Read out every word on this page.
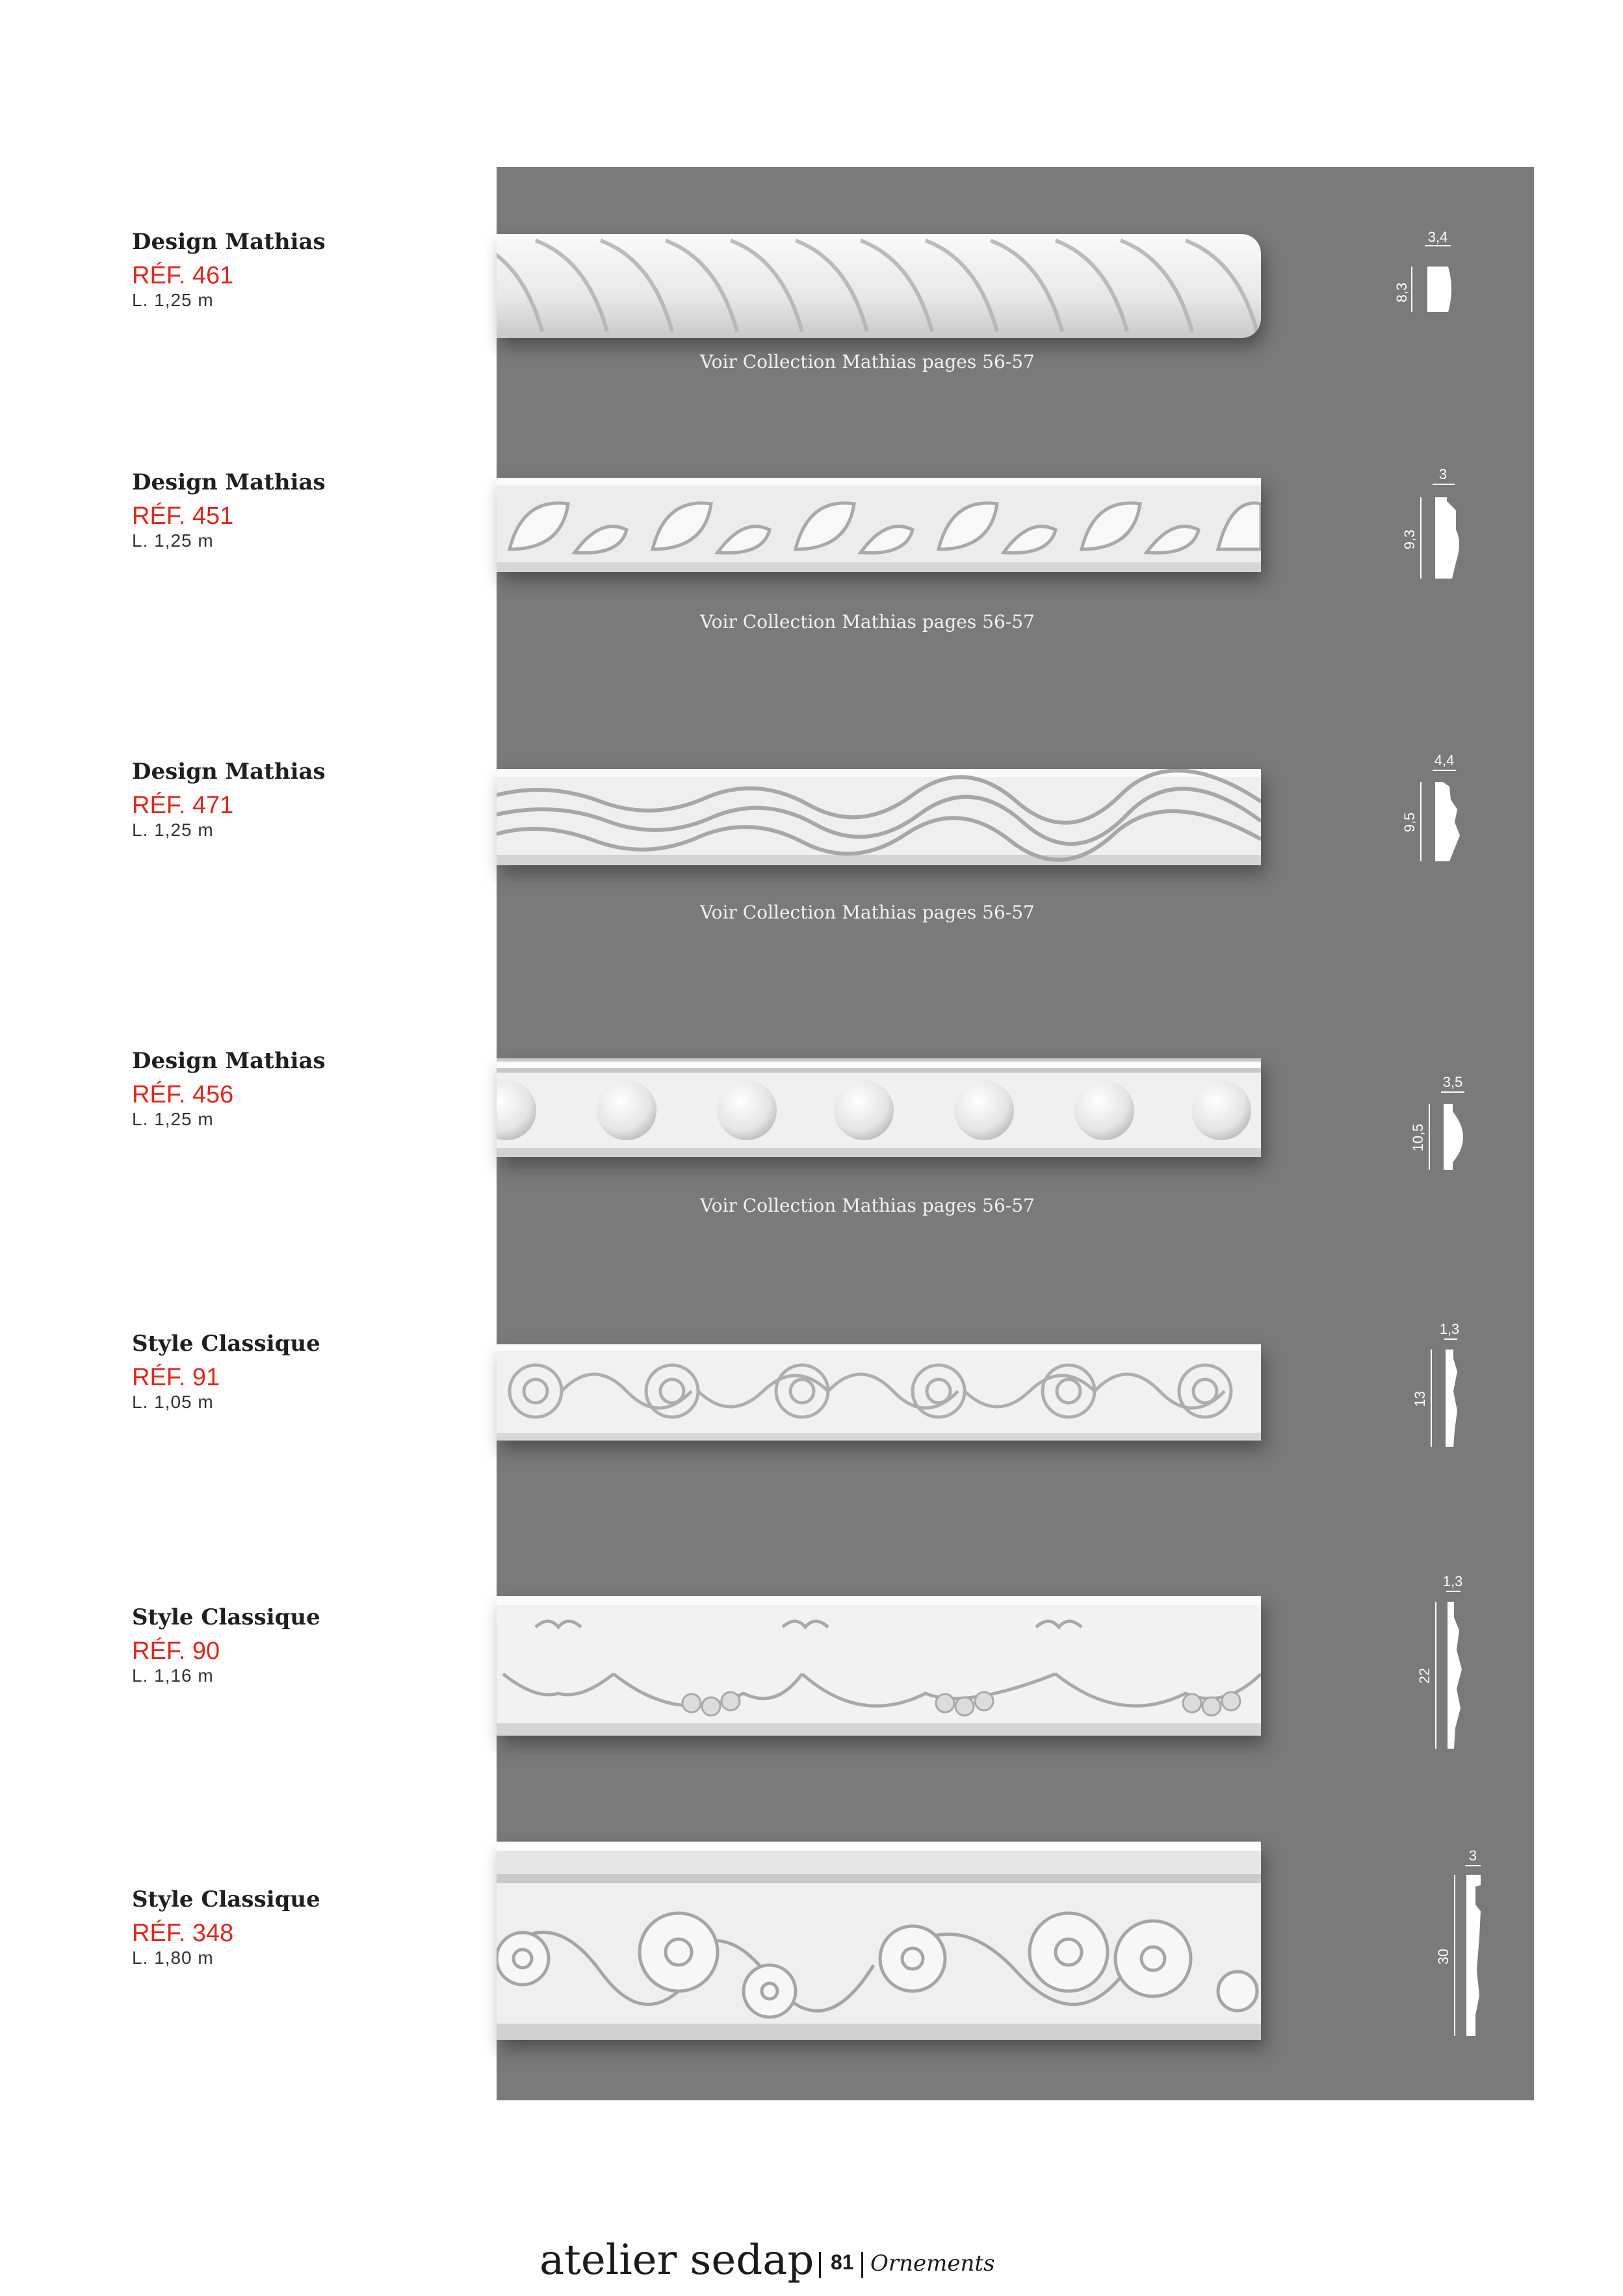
Design Mathias
RÉF. 461
L. 1,25 m
Voir Collection Mathias pages 56-57
3,4
8,3
Design Mathias
RÉF. 451
L. 1,25 m
Voir Collection Mathias pages 56-57
3
9,3
Design Mathias
RÉF. 471
L. 1,25 m
Voir Collection Mathias pages 56-57
4,4
9,5
Design Mathias
RÉF. 456
L. 1,25 m
Voir Collection Mathias pages 56-57
3,5
10,5
Style Classique
RÉF. 91
L. 1,05 m
1,3
13
Style Classique
RÉF. 90
L. 1,16 m
1,3
22
Style Classique
RÉF. 348
L. 1,80 m
3
30
atelier sedap 81 Ornements
